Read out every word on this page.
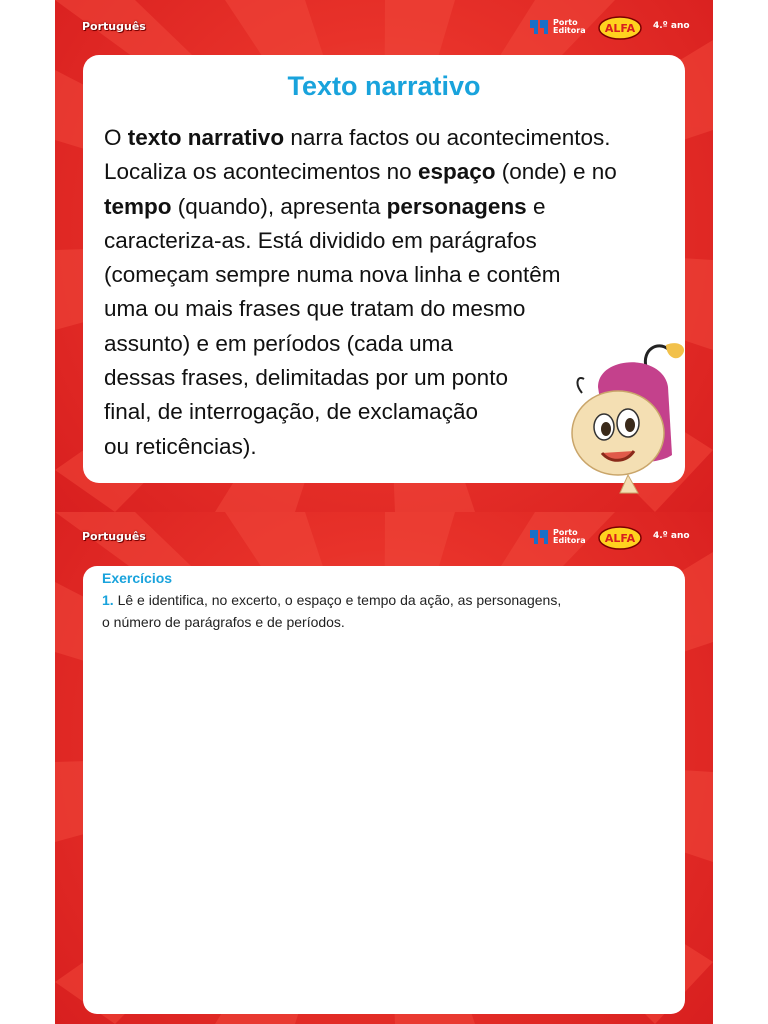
Português	Porto
Editora ALFA 4.º ano
Texto narrativo
O texto narrativo narra factos ou acontecimentos.
Localiza os acontecimentos no espaço (onde) e no
tempo (quando), apresenta personagens e
caracteriza-as. Está dividido em parágrafos
(começam sempre numa nova linha e contêm
uma ou mais frases que tratam do mesmo
assunto) e em períodos (cada uma
dessas frases, delimitadas por um ponto
final, de interrogação, de exclamação
ou reticências).
Português	Porto
Editora ALFA 4.º ano
Exercícios
1. Lê e identifica, no excerto, o espaço e tempo da ação, as personagens,
o número de parágrafos e de períodos.
